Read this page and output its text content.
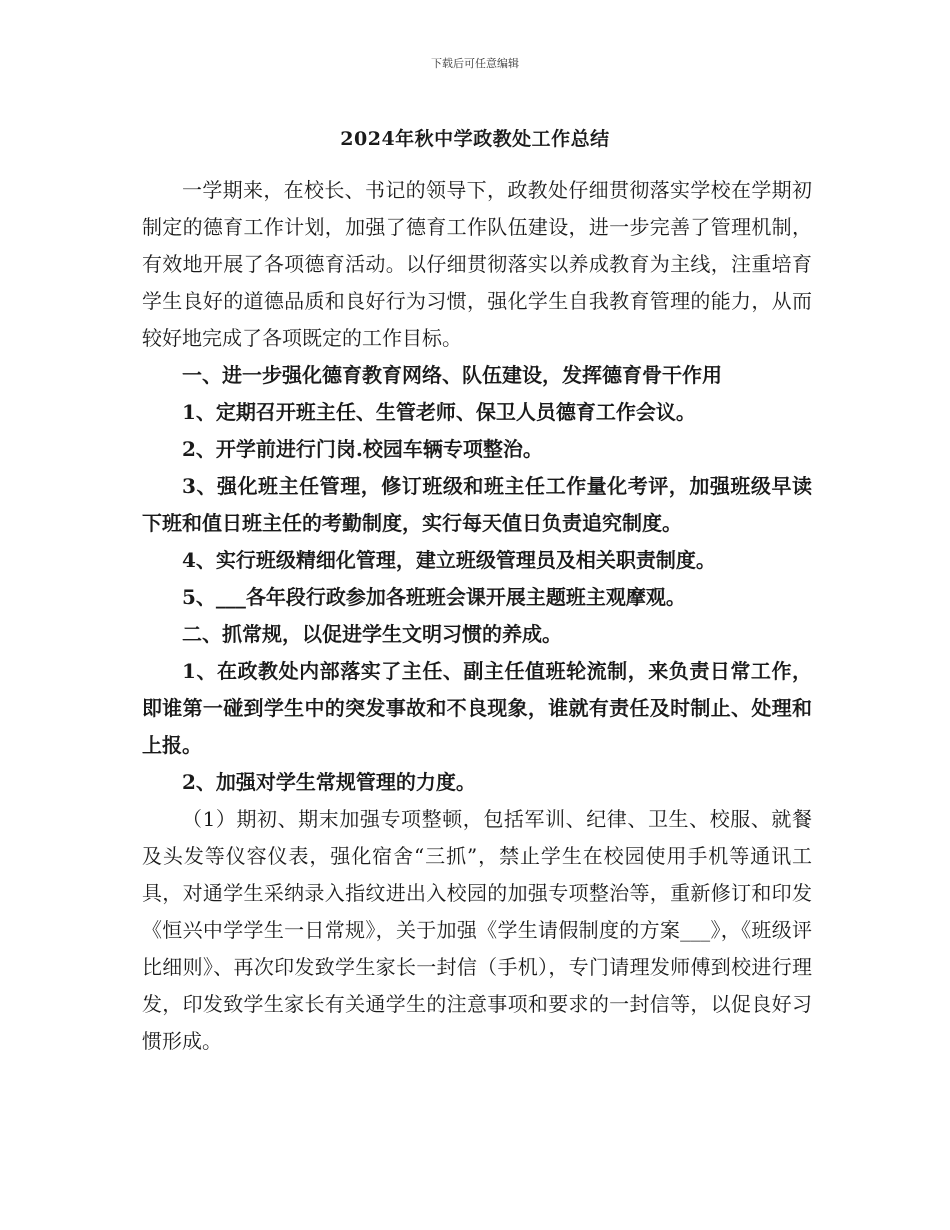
下载后可任意编辑
2024年秋中学政教处工作总结

一学期来，在校长、书记的领导下，政教处仔细贯彻落实学校在学期初制定的德育工作计划，加强了德育工作队伍建设，进一步完善了管理机制，有效地开展了各项德育活动。以仔细贯彻落实以养成教育为主线，注重培育学生良好的道德品质和良好行为习惯，强化学生自我教育管理的能力，从而较好地完成了各项既定的工作目标。

一、进一步强化德育教育网络、队伍建设，发挥德育骨干作用

1、定期召开班主任、生管老师、保卫人员德育工作会议。

2、开学前进行门岗.校园车辆专项整治。

3、强化班主任管理，修订班级和班主任工作量化考评，加强班级早读下班和值日班主任的考勤制度，实行每天值日负责追究制度。

4、实行班级精细化管理，建立班级管理员及相关职责制度。

5、___各年段行政参加各班班会课开展主题班主观摩观。

二、抓常规，以促进学生文明习惯的养成。

1、在政教处内部落实了主任、副主任值班轮流制，来负责日常工作，即谁第一碰到学生中的突发事故和不良现象，谁就有责任及时制止、处理和上报。

2、加强对学生常规管理的力度。

（1）期初、期末加强专项整顿，包括军训、纪律、卫生、校服、就餐及头发等仪容仪表，强化宿舍“三抓”，禁止学生在校园使用手机等通讯工具，对通学生采纳录入指纹进出入校园的加强专项整治等，重新修订和印发《恒兴中学学生一日常规》，关于加强《学生请假制度的方案___》，《班级评比细则》、再次印发致学生家长一封信（手机），专门请理发师傅到校进行理发，印发致学生家长有关通学生的注意事项和要求的一封信等，以促良好习惯形成。
